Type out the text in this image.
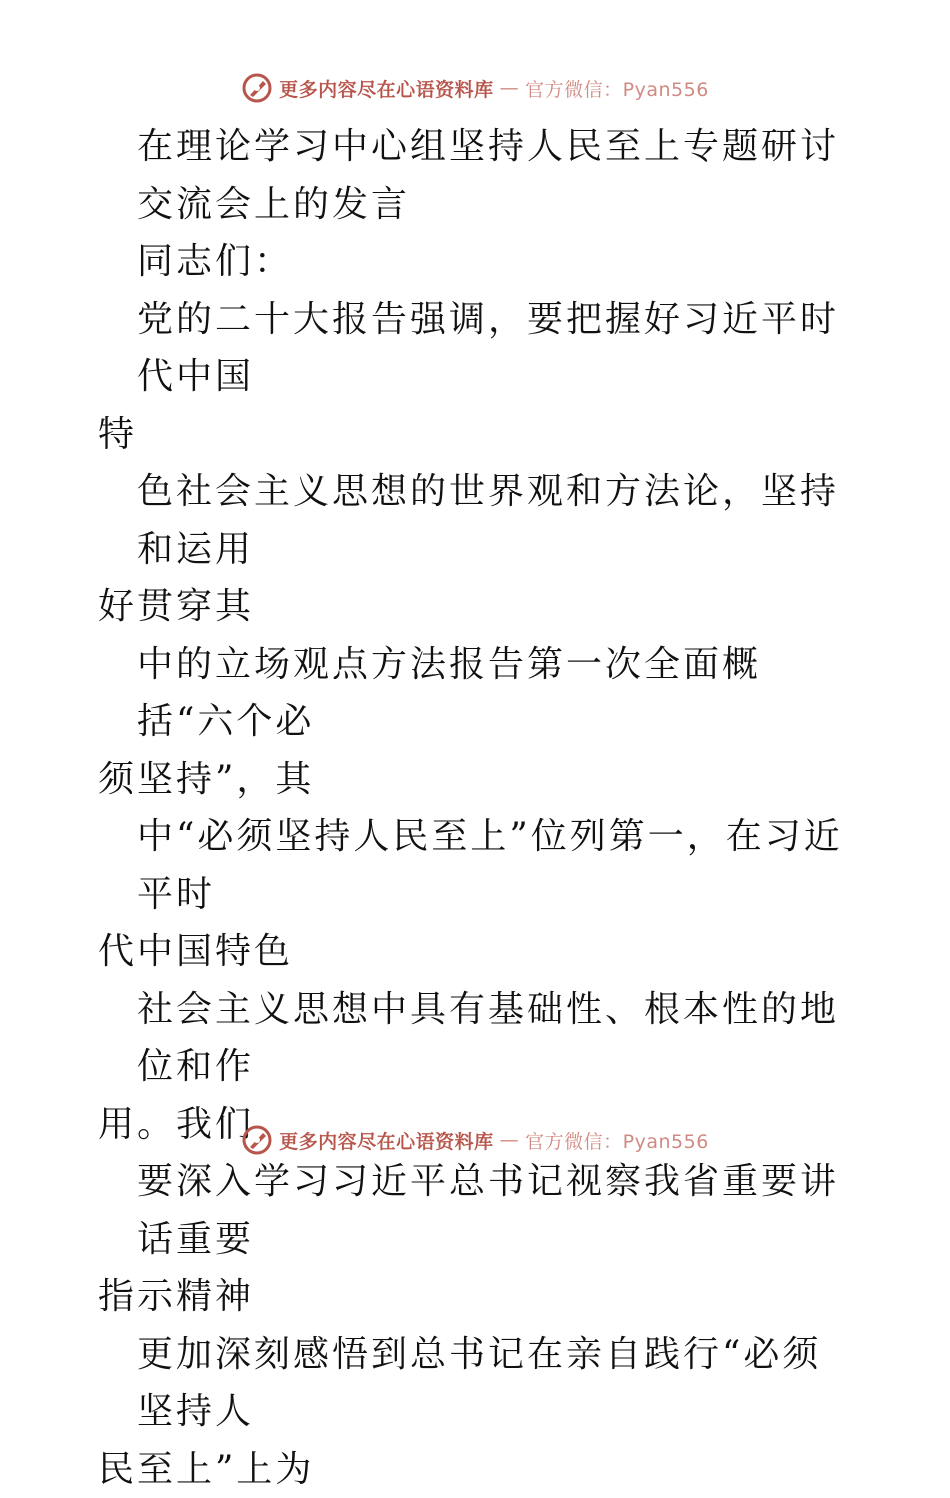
更多内容尽在心语资料库 — 官方微信：Pyan556

在理论学习中心组坚持人民至上专题研讨

交流会上的发言

同志们：

党的二十大报告强调，要把握好习近平时代中国

特

色社会主义思想的世界观和方法论，坚持和运用

好贯穿其

中的立场观点方法报告第一次全面概括“六个必

须坚持”，其

中“必须坚持人民至上”位列第一，在习近平时

代中国特色

社会主义思想中具有基础性、根本性的地位和作

用。我们

要深入学习习近平总书记视察我省重要讲话重要

指示精神

更加深刻感悟到总书记在亲自践行“必须坚持人

民至上”上为

更多内容尽在心语资料库 — 官方微信：Pyan556
